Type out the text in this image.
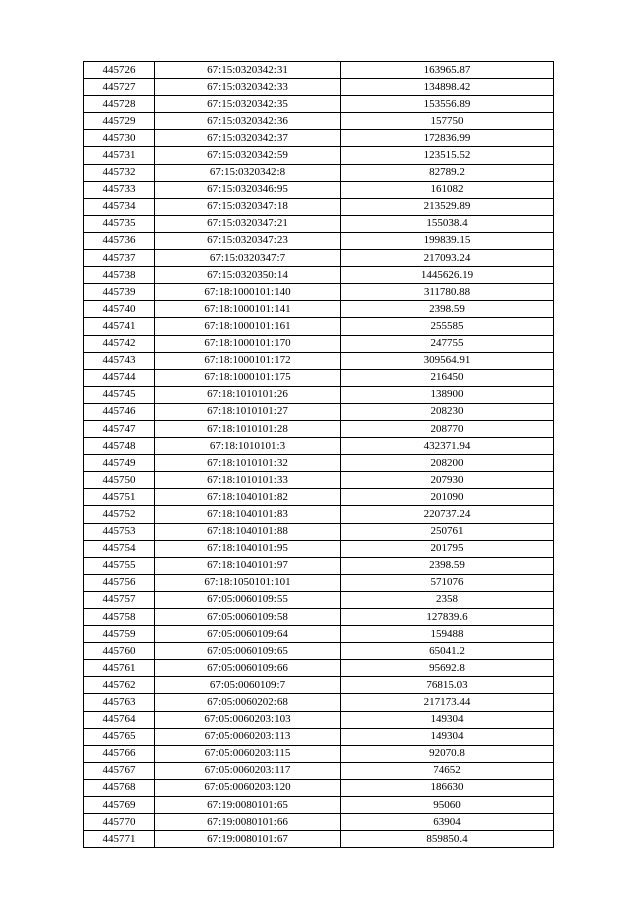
445726	67:15:0320342:31	163965.87
445727	67:15:0320342:33	134898.42
445728	67:15:0320342:35	153556.89
445729	67:15:0320342:36	157750
445730	67:15:0320342:37	172836.99
445731	67:15:0320342:59	123515.52
445732	67:15:0320342:8	82789.2
445733	67:15:0320346:95	161082
445734	67:15:0320347:18	213529.89
445735	67:15:0320347:21	155038.4
445736	67:15:0320347:23	199839.15
445737	67:15:0320347:7	217093.24
445738	67:15:0320350:14	1445626.19
445739	67:18:1000101:140	311780.88
445740	67:18:1000101:141	2398.59
445741	67:18:1000101:161	255585
445742	67:18:1000101:170	247755
445743	67:18:1000101:172	309564.91
445744	67:18:1000101:175	216450
445745	67:18:1010101:26	138900
445746	67:18:1010101:27	208230
445747	67:18:1010101:28	208770
445748	67:18:1010101:3	432371.94
445749	67:18:1010101:32	208200
445750	67:18:1010101:33	207930
445751	67:18:1040101:82	201090
445752	67:18:1040101:83	220737.24
445753	67:18:1040101:88	250761
445754	67:18:1040101:95	201795
445755	67:18:1040101:97	2398.59
445756	67:18:1050101:101	571076
445757	67:05:0060109:55	2358
445758	67:05:0060109:58	127839.6
445759	67:05:0060109:64	159488
445760	67:05:0060109:65	65041.2
445761	67:05:0060109:66	95692.8
445762	67:05:0060109:7	76815.03
445763	67:05:0060202:68	217173.44
445764	67:05:0060203:103	149304
445765	67:05:0060203:113	149304
445766	67:05:0060203:115	92070.8
445767	67:05:0060203:117	74652
445768	67:05:0060203:120	186630
445769	67:19:0080101:65	95060
445770	67:19:0080101:66	63904
445771	67:19:0080101:67	859850.4
